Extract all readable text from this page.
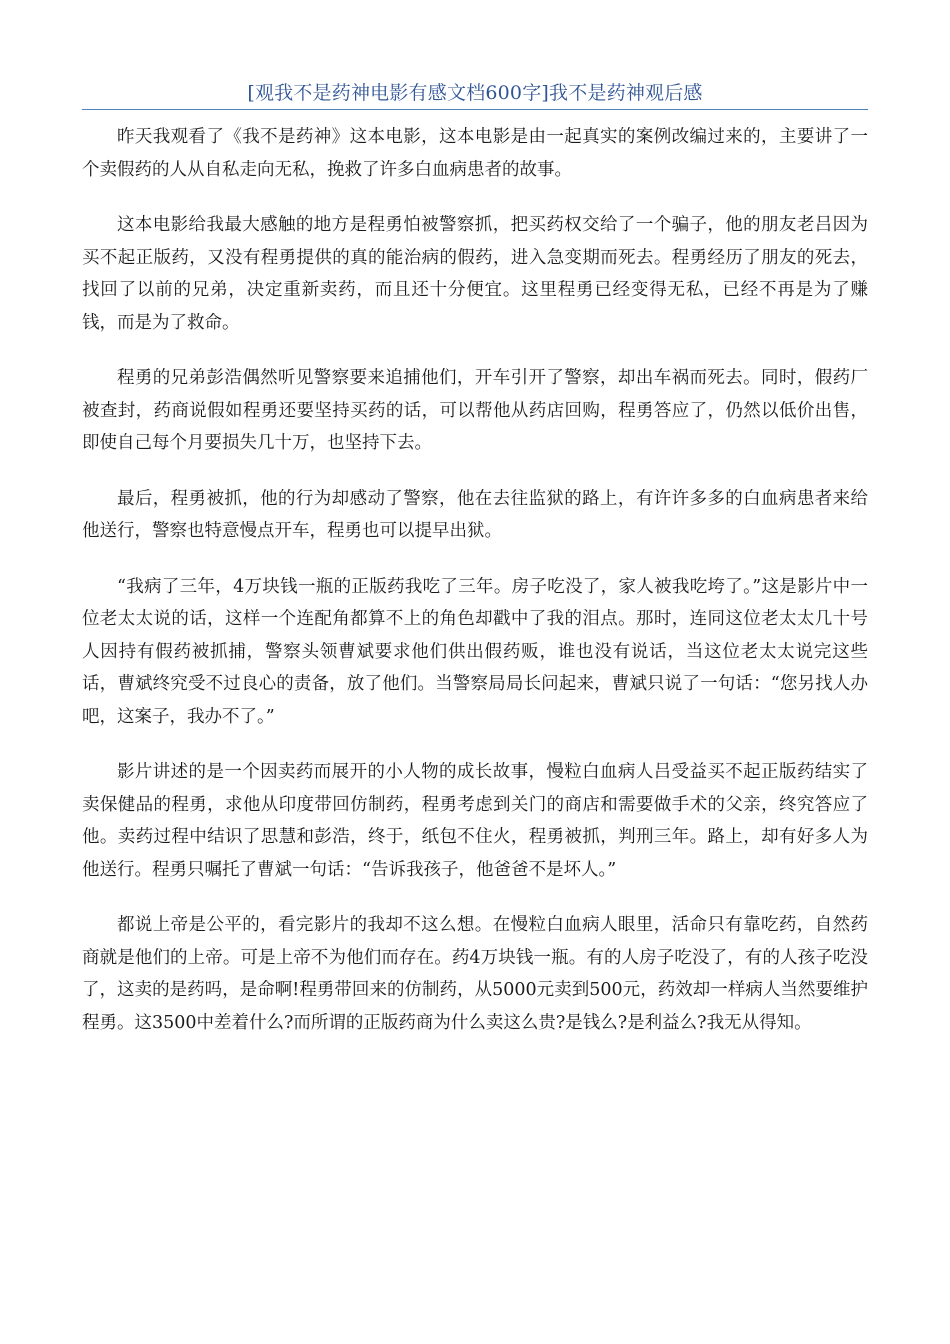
[观我不是药神电影有感文档600字]我不是药神观后感

昨天我观看了《我不是药神》这本电影，这本电影是由一起真实的案例改编过来的，主要讲了一个卖假药的人从自私走向无私，挽救了许多白血病患者的故事。

这本电影给我最大感触的地方是程勇怕被警察抓，把买药权交给了一个骗子，他的朋友老吕因为买不起正版药，又没有程勇提供的真的能治病的假药，进入急变期而死去。程勇经历了朋友的死去，找回了以前的兄弟，决定重新卖药，而且还十分便宜。这里程勇已经变得无私，已经不再是为了赚钱，而是为了救命。

程勇的兄弟彭浩偶然听见警察要来追捕他们，开车引开了警察，却出车祸而死去。同时，假药厂被查封，药商说假如程勇还要坚持买药的话，可以帮他从药店回购，程勇答应了，仍然以低价出售，即使自己每个月要损失几十万，也坚持下去。

最后，程勇被抓，他的行为却感动了警察，他在去往监狱的路上，有许许多多的白血病患者来给他送行，警察也特意慢点开车，程勇也可以提早出狱。

“我病了三年，4万块钱一瓶的正版药我吃了三年。房子吃没了，家人被我吃垮了。”这是影片中一位老太太说的话，这样一个连配角都算不上的角色却戳中了我的泪点。那时，连同这位老太太几十号人因持有假药被抓捕，警察头领曹斌要求他们供出假药贩，谁也没有说话，当这位老太太说完这些话，曹斌终究受不过良心的责备，放了他们。当警察局局长问起来，曹斌只说了一句话：“您另找人办吧，这案子，我办不了。”

影片讲述的是一个因卖药而展开的小人物的成长故事，慢粒白血病人吕受益买不起正版药结实了卖保健品的程勇，求他从印度带回仿制药，程勇考虑到关门的商店和需要做手术的父亲，终究答应了他。卖药过程中结识了思慧和彭浩，终于，纸包不住火，程勇被抓，判刑三年。路上，却有好多人为他送行。程勇只嘱托了曹斌一句话：“告诉我孩子，他爸爸不是坏人。”

都说上帝是公平的，看完影片的我却不这么想。在慢粒白血病人眼里，活命只有靠吃药，自然药商就是他们的上帝。可是上帝不为他们而存在。药4万块钱一瓶。有的人房子吃没了，有的人孩子吃没了，这卖的是药吗，是命啊!程勇带回来的仿制药，从5000元卖到500元，药效却一样病人当然要维护程勇。这3500中差着什么?而所谓的正版药商为什么卖这么贵?是钱么?是利益么?我无从得知。
